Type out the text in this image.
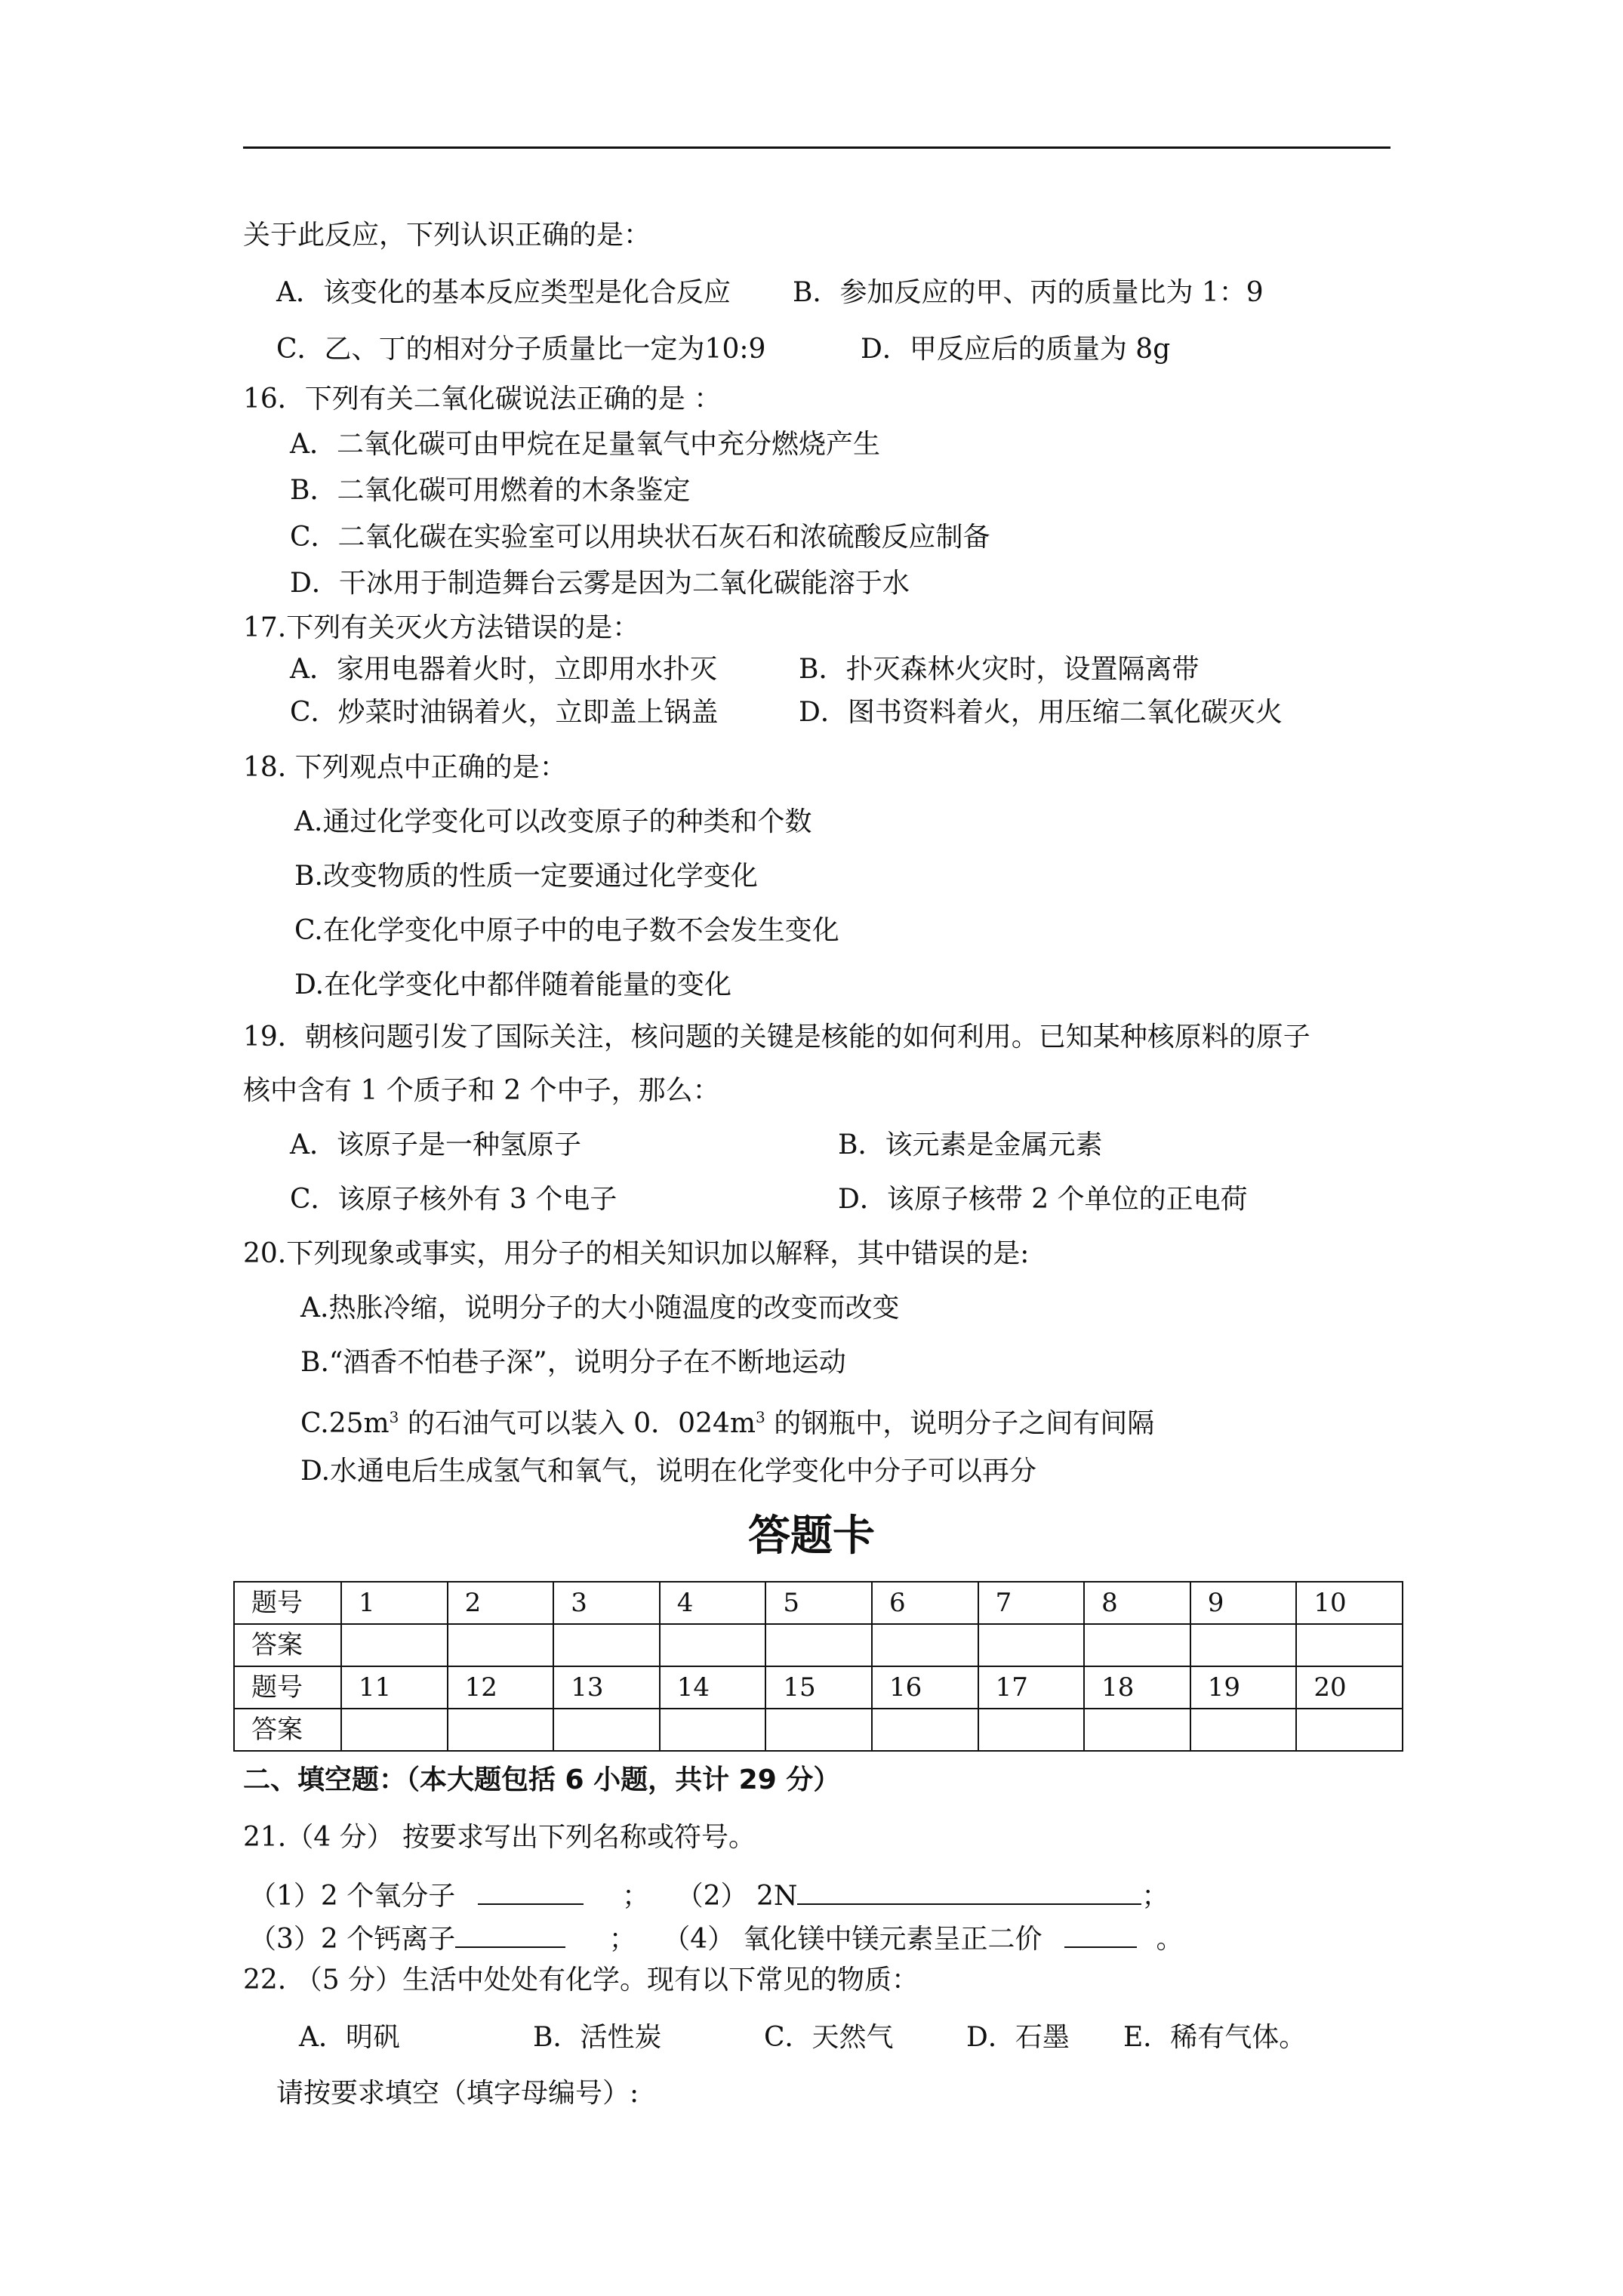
关于此反应，下列认识正确的是：
A．该变化的基本反应类型是化合反应 B．参加反应的甲、丙的质量比为 1：9
C．乙、丁的相对分子质量比一定为10:9	D．甲反应后的质量为 8g
16．下列有关二氧化碳说法正确的是 ：
A．二氧化碳可由甲烷在足量氧气中充分燃烧产生
B．二氧化碳可用燃着的木条鉴定
C．二氧化碳在实验室可以用块状石灰石和浓硫酸反应制备
D．干冰用于制造舞台云雾是因为二氧化碳能溶于水
17.下列有关灭火方法错误的是：
A．家用电器着火时，立即用水扑灭	B．扑灭森林火灾时，设置隔离带
C．炒菜时油锅着火，立即盖上锅盖	D．图书资料着火，用压缩二氧化碳灭火
18. 下列观点中正确的是：
A.通过化学变化可以改变原子的种类和个数
B.改变物质的性质一定要通过化学变化
C.在化学变化中原子中的电子数不会发生变化
D.在化学变化中都伴随着能量的变化
19．朝核问题引发了国际关注，核问题的关键是核能的如何利用。已知某种核原料的原子
核中含有 1 个质子和 2 个中子，那么：
A．该原子是一种氢原子	B．该元素是金属元素
C．该原子核外有 3 个电子	D．该原子核带 2 个单位的正电荷
20.下列现象或事实，用分子的相关知识加以解释，其中错误的是:
A.热胀冷缩，说明分子的大小随温度的改变而改变
B.“酒香不怕巷子深”，说明分子在不断地运动
$C.25m^3$ 的石油气可以装入 0．$024m^3$ 的钢瓶中，说明分子之间有间隔
D.水通电后生成氢气和氧气，说明在化学变化中分子可以再分
答题卡
题号	1	2	3	4	5	6	7	8	9	10
答案										
题号	11	12	13	14	15	16	17	18	19	20
答案										
二、填空题：（本大题包括 6 小题，共计 29 分）
21.（4 分） 按要求写出下列名称或符号。
（1）2 个氧分子	； （2） 2N	；
（3）2 个钙离子	； （4） 氧化镁中镁元素呈正二价	。
22. （5 分）生活中处处有化学。现有以下常见的物质：
A．明矾	B．活性炭	C．天然气	D．石墨 E．稀有气体。
请按要求填空（填字母编号）:
